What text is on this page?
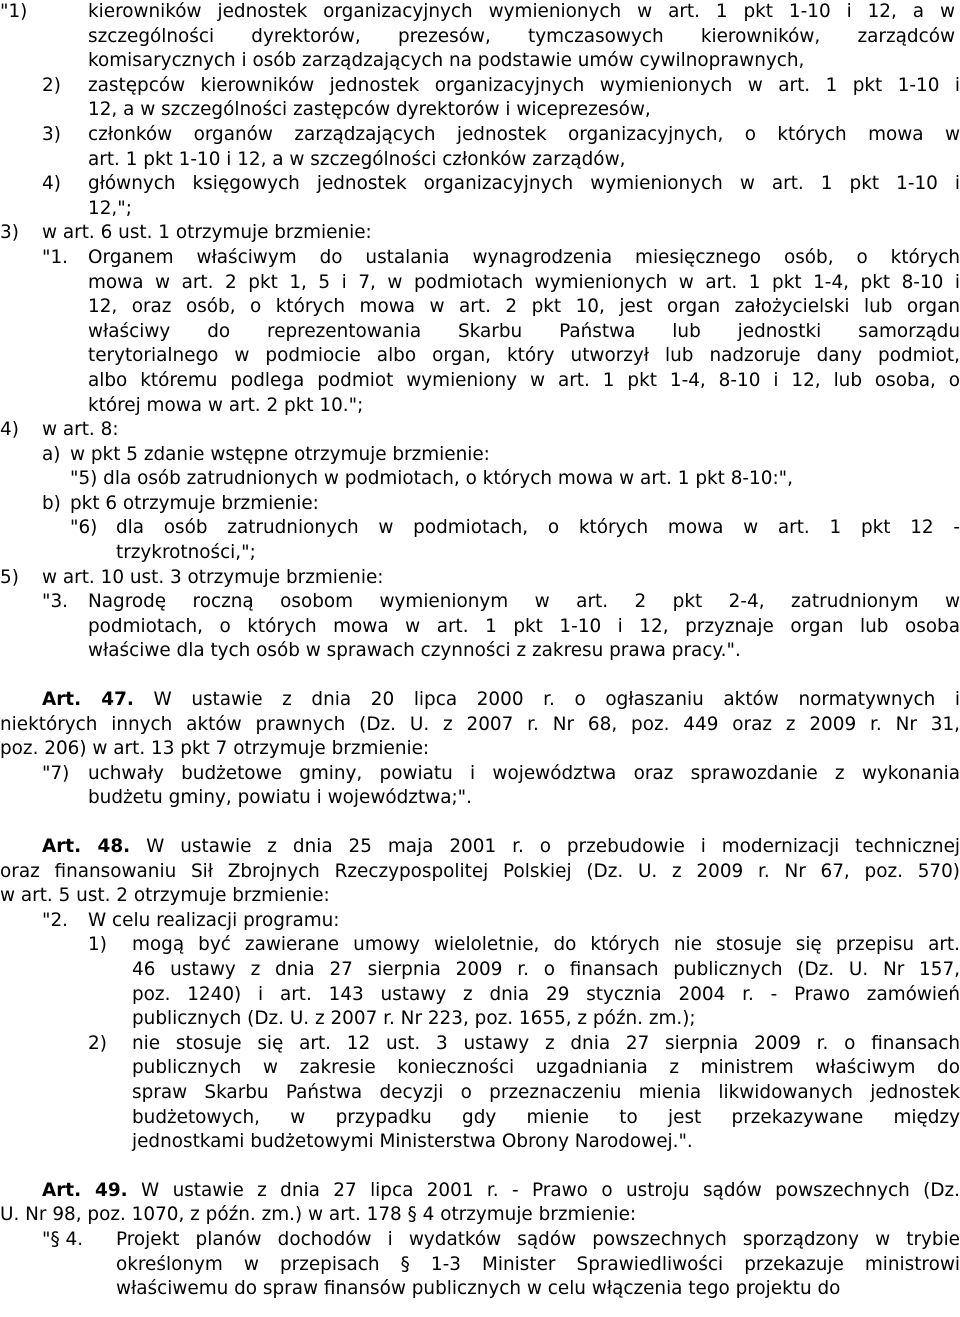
"1)	kierowników jednostek organizacyjnych wymienionych w art. 1 pkt 1-10 i 12, a w
szczególności dyrektorów, prezesów, tymczasowych kierowników, zarządców
komisarycznych i osób zarządzających na podstawie umów cywilnoprawnych,
2) zastępców kierowników jednostek organizacyjnych wymienionych w art. 1 pkt 1-10 i
12, a w szczególności zastępców dyrektorów i wiceprezesów,
3) członków organów zarządzających jednostek organizacyjnych, o których mowa w
art. 1 pkt 1-10 i 12, a w szczególności członków zarządów,
4) głównych księgowych jednostek organizacyjnych wymienionych w art. 1 pkt 1-10 i
12,";
3) w art. 6 ust. 1 otrzymuje brzmienie:
"1. Organem właściwym do ustalania wynagrodzenia miesięcznego osób, o których
mowa w art. 2 pkt 1, 5 i 7, w podmiotach wymienionych w art. 1 pkt 1-4, pkt 8-10 i
12, oraz osób, o których mowa w art. 2 pkt 10, jest organ założycielski lub organ
właściwy do reprezentowania Skarbu Państwa lub jednostki samorządu
terytorialnego w podmiocie albo organ, który utworzył lub nadzoruje dany podmiot,
albo któremu podlega podmiot wymieniony w art. 1 pkt 1-4, 8-10 i 12, lub osoba, o
której mowa w art. 2 pkt 10.";
4) w art. 8:
a) w pkt 5 zdanie wstępne otrzymuje brzmienie:
"5) dla osób zatrudnionych w podmiotach, o których mowa w art. 1 pkt 8-10:",
b) pkt 6 otrzymuje brzmienie:
"6) dla osób zatrudnionych w podmiotach, o których mowa w art. 1 pkt 12 -
trzykrotności,";
5) w art. 10 ust. 3 otrzymuje brzmienie:
"3. Nagrodę roczną osobom wymienionym w art. 2 pkt 2-4, zatrudnionym w
podmiotach, o których mowa w art. 1 pkt 1-10 i 12, przyznaje organ lub osoba
właściwe dla tych osób w sprawach czynności z zakresu prawa pracy.".
Art. 47. W ustawie z dnia 20 lipca 2000 r. o ogłaszaniu aktów normatywnych i
niektórych innych aktów prawnych (Dz. U. z 2007 r. Nr 68, poz. 449 oraz z 2009 r. Nr 31,
poz. 206) w art. 13 pkt 7 otrzymuje brzmienie:
"7) uchwały budżetowe gminy, powiatu i województwa oraz sprawozdanie z wykonania
budżetu gminy, powiatu i województwa;".
Art. 48. W ustawie z dnia 25 maja 2001 r. o przebudowie i modernizacji technicznej
oraz finansowaniu Sił Zbrojnych Rzeczypospolitej Polskiej (Dz. U. z 2009 r. Nr 67, poz. 570)
w art. 5 ust. 2 otrzymuje brzmienie:
"2. W celu realizacji programu:
1) mogą być zawierane umowy wieloletnie, do których nie stosuje się przepisu art.
46 ustawy z dnia 27 sierpnia 2009 r. o finansach publicznych (Dz. U. Nr 157,
poz. 1240) i art. 143 ustawy z dnia 29 stycznia 2004 r. - Prawo zamówień
publicznych (Dz. U. z 2007 r. Nr 223, poz. 1655, z późn. zm.);
2) nie stosuje się art. 12 ust. 3 ustawy z dnia 27 sierpnia 2009 r. o finansach
publicznych w zakresie konieczności uzgadniania z ministrem właściwym do
spraw Skarbu Państwa decyzji o przeznaczeniu mienia likwidowanych jednostek
budżetowych, w przypadku gdy mienie to jest przekazywane między
jednostkami budżetowymi Ministerstwa Obrony Narodowej.".
Art. 49. W ustawie z dnia 27 lipca 2001 r. - Prawo o ustroju sądów powszechnych (Dz.
U. Nr 98, poz. 1070, z późn. zm.) w art. 178 § 4 otrzymuje brzmienie:
"§ 4. Projekt planów dochodów i wydatków sądów powszechnych sporządzony w trybie
określonym w przepisach § 1-3 Minister Sprawiedliwości przekazuje ministrowi
właściwemu do spraw finansów publicznych w celu włączenia tego projektu do
